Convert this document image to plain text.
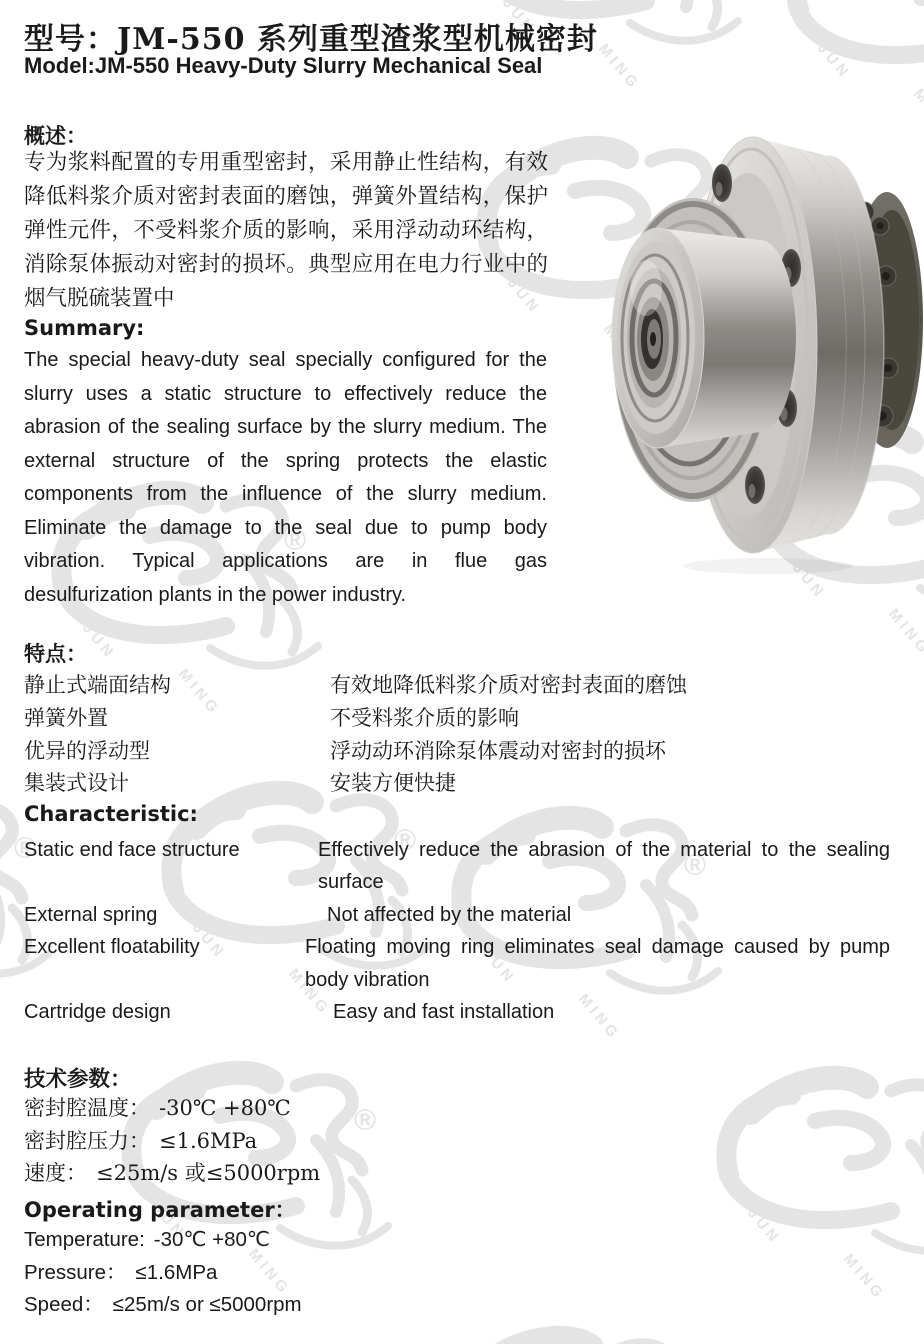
型号：JM-550 系列重型渣浆型机械密封
Model:JM-550 Heavy-Duty Slurry Mechanical Seal
概述：

专为浆料配置的专用重型密封，采用静止性结构，有效降低料浆介质对密封表面的磨蚀，弹簧外置结构，保护弹性元件，不受料浆介质的影响，采用浮动动环结构，消除泵体振动对密封的损坏。典型应用在电力行业中的烟气脱硫装置中

Summary:

The special heavy-duty seal specially configured for the slurry uses a static structure to effectively reduce the abrasion of the sealing surface by the slurry medium. The external structure of the spring protects the elastic components from the influence of the slurry medium. Eliminate the damage to the seal due to pump body vibration. Typical applications are in flue gas desulfurization plants in the power industry.

特点：
静止式端面结构	有效地降低料浆介质对密封表面的磨蚀
弹簧外置	不受料浆介质的影响
优异的浮动型	浮动动环消除泵体震动对密封的损坏
集装式设计	安装方便快捷
Characteristic:
Static end face structure	Effectively reduce the abrasion of the material to the sealing surface
External spring	Not affected by the material
Excellent floatability	Floating moving ring eliminates seal damage caused by pump body vibration
Cartridge design	Easy and fast installation
技术参数：
密封腔温度： -30℃ +80℃
密封腔压力： ≤1.6MPa
速度： ≤25m/s 或≤5000rpm
Operating parameter：
Temperature: -30℃ +80℃
Pressure： ≤1.6MPa
Speed： ≤25m/s or ≤5000rpm
